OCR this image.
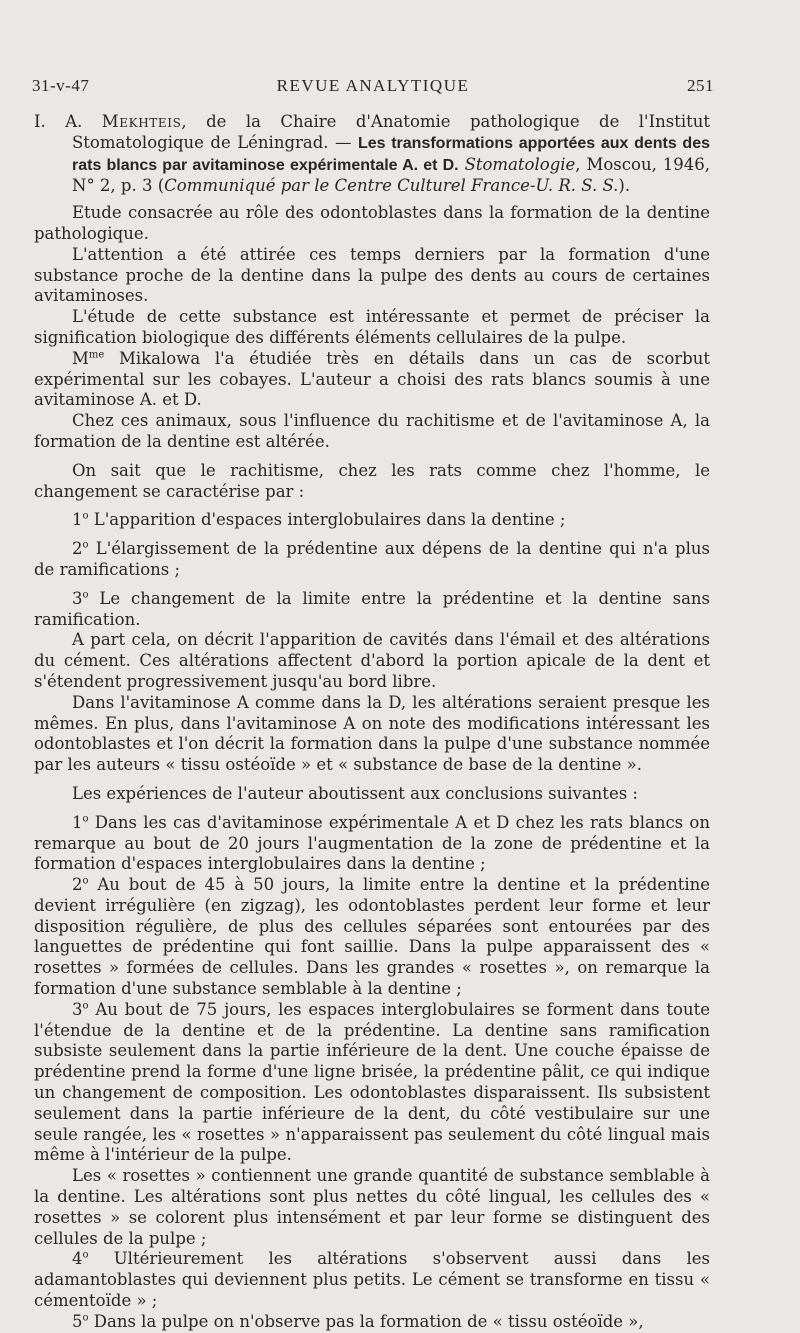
31-v-47	REVUE ANALYTIQUE	251

I. A. Mekhteis, de la Chaire d'Anatomie pathologique de l'Institut Stomatologique de Léningrad. — Les transformations apportées aux dents des rats blancs par avitaminose expérimentale A. et D. Stomatologie, Moscou, 1946, N° 2, p. 3 (Communiqué par le Centre Culturel France-U. R. S. S.).

Etude consacrée au rôle des odontoblastes dans la formation de la dentine pathologique.

L'attention a été attirée ces temps derniers par la formation d'une substance proche de la dentine dans la pulpe des dents au cours de certaines avitaminoses.

L'étude de cette substance est intéressante et permet de préciser la signification biologique des différents éléments cellulaires de la pulpe.

$M^{me}$ Mikalowa l'a étudiée très en détails dans un cas de scorbut expérimental sur les cobayes. L'auteur a choisi des rats blancs soumis à une avitaminose A. et D.

Chez ces animaux, sous l'influence du rachitisme et de l'avitaminose A, la formation de la dentine est altérée.

On sait que le rachitisme, chez les rats comme chez l'homme, le changement se caractérise par :

1$^o$ L'apparition d'espaces interglobulaires dans la dentine ;

2$^o$ L'élargissement de la prédentine aux dépens de la dentine qui n'a plus de ramifications ;

3$^o$ Le changement de la limite entre la prédentine et la dentine sans ramification.

A part cela, on décrit l'apparition de cavités dans l'émail et des altérations du cément. Ces altérations affectent d'abord la portion apicale de la dent et s'étendent progressivement jusqu'au bord libre.

Dans l'avitaminose A comme dans la D, les altérations seraient presque les mêmes. En plus, dans l'avitaminose A on note des modifications intéressant les odontoblastes et l'on décrit la formation dans la pulpe d'une substance nommée par les auteurs « tissu ostéoïde » et « substance de base de la dentine ».

Les expériences de l'auteur aboutissent aux conclusions suivantes :

1$^o$ Dans les cas d'avitaminose expérimentale A et D chez les rats blancs on remarque au bout de 20 jours l'augmentation de la zone de prédentine et la formation d'espaces interglobulaires dans la dentine ;

2$^o$ Au bout de 45 à 50 jours, la limite entre la dentine et la prédentine devient irrégulière (en zigzag), les odontoblastes perdent leur forme et leur disposition régulière, de plus des cellules séparées sont entourées par des languettes de prédentine qui font saillie. Dans la pulpe apparaissent des « rosettes » formées de cellules. Dans les grandes « rosettes », on remarque la formation d'une substance semblable à la dentine ;

3$^o$ Au bout de 75 jours, les espaces interglobulaires se forment dans toute l'étendue de la dentine et de la prédentine. La dentine sans ramification subsiste seulement dans la partie inférieure de la dent. Une couche épaisse de prédentine prend la forme d'une ligne brisée, la prédentine pâlit, ce qui indique un changement de composition. Les odontoblastes disparaissent. Ils subsistent seulement dans la partie inférieure de la dent, du côté vestibulaire sur une seule rangée, les « rosettes » n'apparaissent pas seulement du côté lingual mais même à l'intérieur de la pulpe.

Les « rosettes » contiennent une grande quantité de substance semblable à la dentine. Les altérations sont plus nettes du côté lingual, les cellules des « rosettes » se colorent plus intensément et par leur forme se distinguent des cellules de la pulpe ;

4$^o$ Ultérieurement les altérations s'observent aussi dans les adamantoblastes qui deviennent plus petits. Le cément se transforme en tissu « cémentoïde » ;

5$^o$ Dans la pulpe on n'observe pas la formation de « tissu ostéoïde »,
